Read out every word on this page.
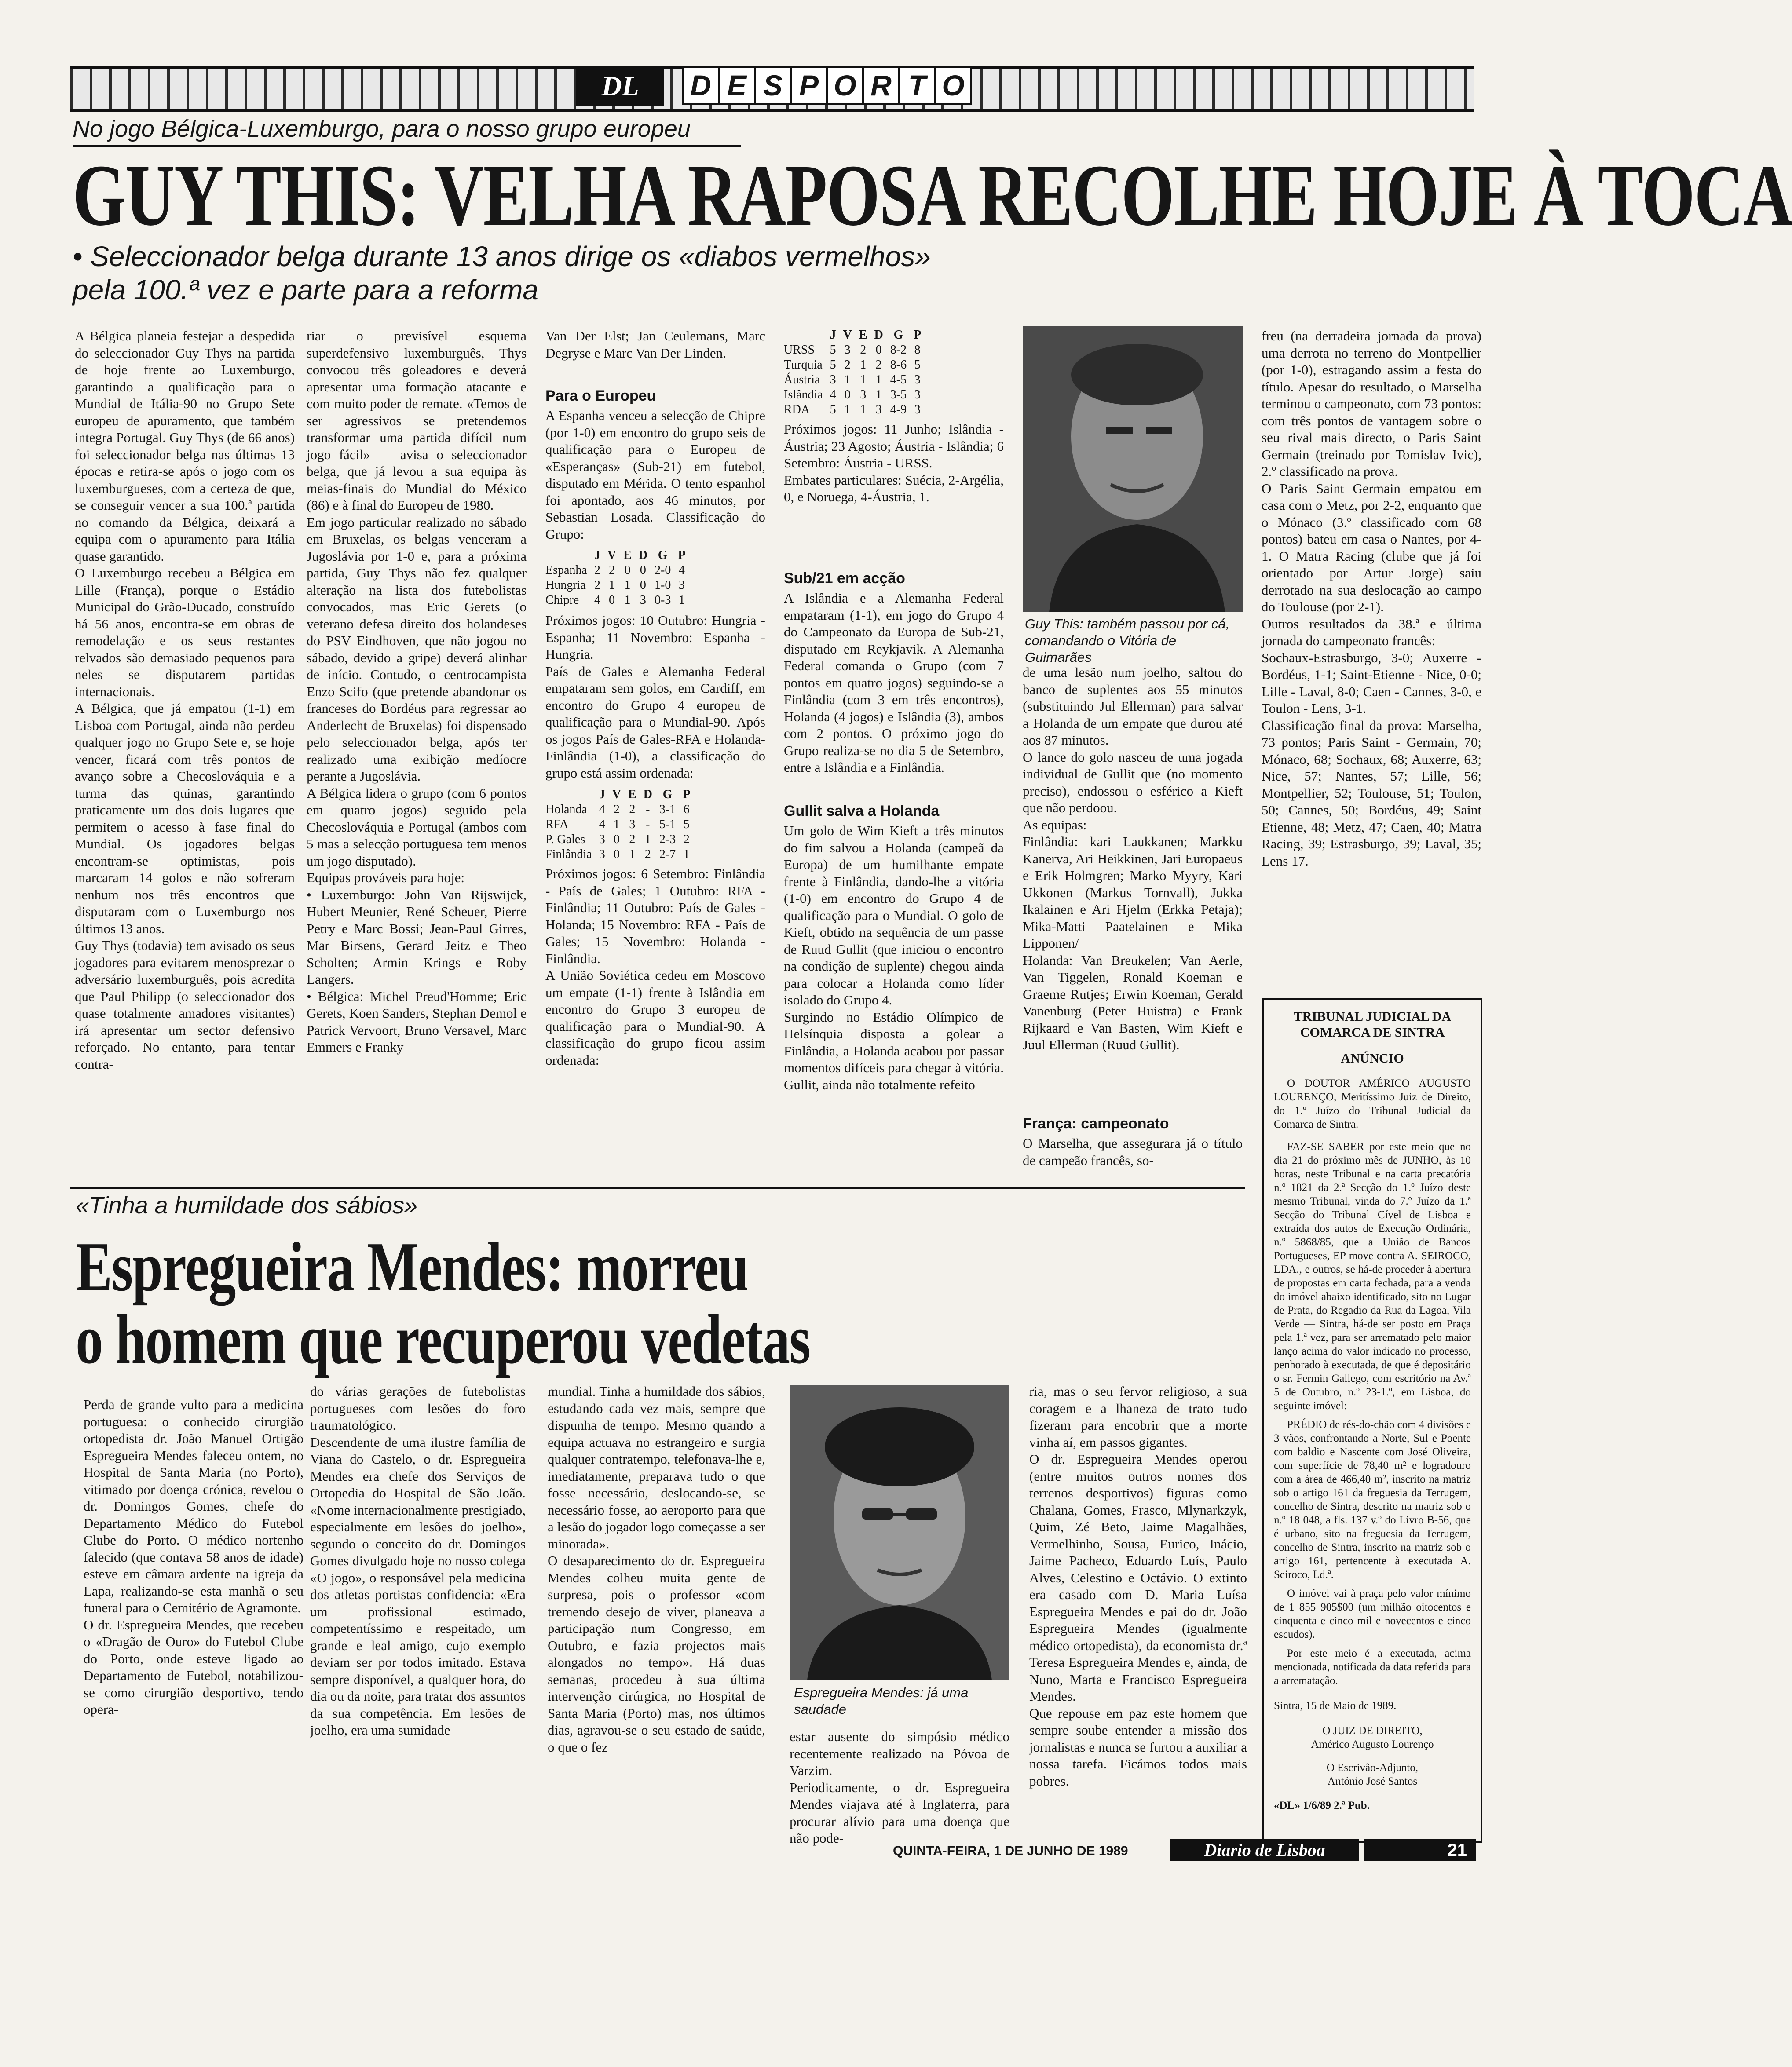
DL	D E S P O R T O
No jogo Bélgica-Luxemburgo, para o nosso grupo europeu
GUY THIS: VELHA RAPOSA RECOLHE HOJE À TOCA
• Seleccionador belga durante 13 anos dirige os «diabos vermelhos» pela 100.ª vez e parte para a reforma
A Bélgica planeia festejar a despedida do seleccionador Guy Thys na partida de hoje frente ao Luxemburgo, garantindo a qualificação para o Mundial de Itália-90 no Grupo Sete europeu de apuramento, que também integra Portugal. Guy Thys (de 66 anos) foi seleccionador belga nas últimas 13 épocas e retira-se após o jogo com os luxemburgueses, com a certeza de que, se conseguir vencer a sua 100.ª partida no comando da Bélgica, deixará a equipa com o apuramento para Itália quase garantido.
O Luxemburgo recebeu a Bélgica em Lille (França), porque o Estádio Municipal do Grão-Ducado, construído há 56 anos, encontra-se em obras de remodelação e os seus restantes relvados são demasiado pequenos para neles se disputarem partidas internacionais.
A Bélgica, que já empatou (1-1) em Lisboa com Portugal, ainda não perdeu qualquer jogo no Grupo Sete e, se hoje vencer, ficará com três pontos de avanço sobre a Checoslováquia e a turma das quinas, garantindo praticamente um dos dois lugares que permitem o acesso à fase final do Mundial. Os jogadores belgas encontram-se optimistas, pois marcaram 14 golos e não sofreram nenhum nos três encontros que disputaram com o Luxemburgo nos últimos 13 anos.
Guy Thys (todavia) tem avisado os seus jogadores para evitarem menosprezar o adversário luxemburguês, pois acredita que Paul Philipp (o seleccionador dos quase totalmente amadores visitantes) irá apresentar um sector defensivo reforçado. No entanto, para tentar contra-
riar o previsível esquema superdefensivo luxemburguês, Thys convocou três goleadores e deverá apresentar uma formação atacante e com muito poder de remate. «Temos de ser agressivos se pretendemos transformar uma partida difícil num jogo fácil» — avisa o seleccionador belga, que já levou a sua equipa às meias-finais do Mundial do México (86) e à final do Europeu de 1980.
Em jogo particular realizado no sábado em Bruxelas, os belgas venceram a Jugoslávia por 1-0 e, para a próxima partida, Guy Thys não fez qualquer alteração na lista dos futebolistas convocados, mas Eric Gerets (o veterano defesa direito dos holandeses do PSV Eindhoven, que não jogou no sábado, devido a gripe) deverá alinhar de início. Contudo, o centrocampista Enzo Scifo (que pretende abandonar os franceses do Bordéus para regressar ao Anderlecht de Bruxelas) foi dispensado pelo seleccionador belga, após ter realizado uma exibição medíocre perante a Jugoslávia.
A Bélgica lidera o grupo (com 6 pontos em quatro jogos) seguido pela Checoslováquia e Portugal (ambos com 5 mas a selecção portuguesa tem menos um jogo disputado).
Equipas prováveis para hoje:
• Luxemburgo: John Van Rijswijck, Hubert Meunier, René Scheuer, Pierre Petry e Marc Bossi; Jean-Paul Girres, Mar Birsens, Gerard Jeitz e Theo Scholten; Armin Krings e Roby Langers.
• Bélgica: Michel Preud'Homme; Eric Gerets, Koen Sanders, Stephan Demol e Patrick Vervoort, Bruno Versavel, Marc Emmers e Franky
Van Der Elst; Jan Ceulemans, Marc Degryse e Marc Van Der Linden.
Para o Europeu
A Espanha venceu a selecção de Chipre (por 1-0) em encontro do grupo seis de qualificação para o Europeu de «Esperanças» (Sub-21) em futebol, disputado em Mérida. O tento espanhol foi apontado, aos 46 minutos, por Sebastian Losada. Classificação do Grupo:
	J	V	E	D	G	P
Espanha	2	2	0	0	2-0	4
Hungria	2	1	1	0	1-0	3
Chipre	4	0	1	3	0-3	1
Próximos jogos: 10 Outubro: Hungria - Espanha; 11 Novembro: Espanha - Hungria.
País de Gales e Alemanha Federal empataram sem golos, em Cardiff, em encontro do Grupo 4 europeu de qualificação para o Mundial-90. Após os jogos País de Gales-RFA e Holanda-Finlândia (1-0), a classificação do grupo está assim ordenada:
	J	V	E	D	G	P
Holanda	4	2	2	-	3-1	6
RFA	4	1	3	-	5-1	5
P. Gales	3	0	2	1	2-3	2
Finlândia	3	0	1	2	2-7	1
Próximos jogos: 6 Setembro: Finlândia - País de Gales; 1 Outubro: RFA - Finlândia; 11 Outubro: País de Gales - Holanda; 15 Novembro: RFA - País de Gales; 15 Novembro: Holanda - Finlândia.
A União Soviética cedeu em Moscovo um empate (1-1) frente à Islândia em encontro do Grupo 3 europeu de qualificação para o Mundial-90. A classificação do grupo ficou assim ordenada:
	J	V	E	D	G	P
URSS	5	3	2	0	8-2	8
Turquia	5	2	1	2	8-6	5
Áustria	3	1	1	1	4-5	3
Islândia	4	0	3	1	3-5	3
RDA	5	1	1	3	4-9	3
Próximos jogos: 11 Junho; Islândia - Áustria; 23 Agosto; Áustria - Islândia; 6 Setembro: Áustria - URSS.
Embates particulares: Suécia, 2-Argélia, 0, e Noruega, 4-Áustria, 1.
Sub/21 em acção
A Islândia e a Alemanha Federal empataram (1-1), em jogo do Grupo 4 do Campeonato da Europa de Sub-21, disputado em Reykjavik. A Alemanha Federal comanda o Grupo (com 7 pontos em quatro jogos) seguindo-se a Finlândia (com 3 em três encontros), Holanda (4 jogos) e Islândia (3), ambos com 2 pontos. O próximo jogo do Grupo realiza-se no dia 5 de Setembro, entre a Islândia e a Finlândia.
Gullit salva a Holanda
Um golo de Wim Kieft a três minutos do fim salvou a Holanda (campeã da Europa) de um humilhante empate frente à Finlândia, dando-lhe a vitória (1-0) em encontro do Grupo 4 de qualificação para o Mundial. O golo de Kieft, obtido na sequência de um passe de Ruud Gullit (que iniciou o encontro na condição de suplente) chegou ainda para colocar a Holanda como líder isolado do Grupo 4.
Surgindo no Estádio Olímpico de Helsínquia disposta a golear a Finlândia, a Holanda acabou por passar momentos difíceis para chegar à vitória. Gullit, ainda não totalmente refeito
Guy This: também passou por cá, comandando o Vitória de Guimarães
de uma lesão num joelho, saltou do banco de suplentes aos 55 minutos (substituindo Jul Ellerman) para salvar a Holanda de um empate que durou até aos 87 minutos.
O lance do golo nasceu de uma jogada individual de Gullit que (no momento preciso), endossou o esférico a Kieft que não perdoou.
As equipas:
Finlândia: kari Laukkanen; Markku Kanerva, Ari Heikkinen, Jari Europaeus e Erik Holmgren; Marko Myyry, Kari Ukkonen (Markus Tornvall), Jukka Ikalainen e Ari Hjelm (Erkka Petaja); Mika-Matti Paatelainen e Mika Lipponen/
Holanda: Van Breukelen; Van Aerle, Van Tiggelen, Ronald Koeman e Graeme Rutjes; Erwin Koeman, Gerald Vanenburg (Peter Huistra) e Frank Rijkaard e Van Basten, Wim Kieft e Juul Ellerman (Ruud Gullit).
França: campeonato
O Marselha, que assegurara já o título de campeão francês, so-
freu (na derradeira jornada da prova) uma derrota no terreno do Montpellier (por 1-0), estragando assim a festa do título. Apesar do resultado, o Marselha terminou o campeonato, com 73 pontos: com três pontos de vantagem sobre o seu rival mais directo, o Paris Saint Germain (treinado por Tomislav Ivic), 2.º classificado na prova.
O Paris Saint Germain empatou em casa com o Metz, por 2-2, enquanto que o Mónaco (3.º classificado com 68 pontos) bateu em casa o Nantes, por 4-1. O Matra Racing (clube que já foi orientado por Artur Jorge) saiu derrotado na sua deslocação ao campo do Toulouse (por 2-1).
Outros resultados da 38.ª e última jornada do campeonato francês:
Sochaux-Estrasburgo, 3-0; Auxerre - Bordéus, 1-1; Saint-Etienne - Nice, 0-0; Lille - Laval, 8-0; Caen - Cannes, 3-0, e Toulon - Lens, 3-1.
Classificação final da prova: Marselha, 73 pontos; Paris Saint - Germain, 70; Mónaco, 68; Sochaux, 68; Auxerre, 63; Nice, 57; Nantes, 57; Lille, 56; Montpellier, 52; Toulouse, 51; Toulon, 50; Cannes, 50; Bordéus, 49; Saint Etienne, 48; Metz, 47; Caen, 40; Matra Racing, 39; Estrasburgo, 39; Laval, 35; Lens 17.
TRIBUNAL JUDICIAL DA COMARCA DE SINTRA
ANÚNCIO
O DOUTOR AMÉRICO AUGUSTO LOURENÇO, Meritíssimo Juiz de Direito, do 1.º Juízo do Tribunal Judicial da Comarca de Sintra.
FAZ-SE SABER por este meio que no dia 21 do próximo mês de JUNHO, às 10 horas, neste Tribunal e na carta precatória n.º 1821 da 2.ª Secção do 1.º Juízo deste mesmo Tribunal, vinda do 7.º Juízo da 1.ª Secção do Tribunal Cível de Lisboa e extraída dos autos de Execução Ordinária, n.º 5868/85, que a União de Bancos Portugueses, EP move contra A. SEIROCO, LDA., e outros, se há-de proceder à abertura de propostas em carta fechada, para a venda do imóvel abaixo identificado, sito no Lugar de Prata, do Regadio da Rua da Lagoa, Vila Verde — Sintra, há-de ser posto em Praça pela 1.ª vez, para ser arrematado pelo maior lanço acima do valor indicado no processo, penhorado à executada, de que é depositário o sr. Fermin Gallego, com escritório na Av.ª 5 de Outubro, n.º 23-1.º, em Lisboa, do seguinte imóvel:
PRÉDIO de rés-do-chão com 4 divisões e 3 vãos, confrontando a Norte, Sul e Poente com baldio e Nascente com José Oliveira, com superfície de 78,40 m² e logradouro com a área de 466,40 m², inscrito na matriz sob o artigo 161 da freguesia da Terrugem, concelho de Sintra, descrito na matriz sob o n.º 18 048, a fls. 137 v.º do Livro B-56, que é urbano, sito na freguesia da Terrugem, concelho de Sintra, inscrito na matriz sob o artigo 161, pertencente à executada A. Seiroco, Ld.ª.
O imóvel vai à praça pelo valor mínimo de 1 855 905$00 (um milhão oitocentos e cinquenta e cinco mil e novecentos e cinco escudos).
Por este meio é a executada, acima mencionada, notificada da data referida para a arrematação.
Sintra, 15 de Maio de 1989.
O JUIZ DE DIREITO,
Américo Augusto Lourenço
O Escrivão-Adjunto,
António José Santos
«DL» 1/6/89 2.ª Pub.
«Tinha a humildade dos sábios»
Espregueira Mendes: morreu
o homem que recuperou vedetas
Perda de grande vulto para a medicina portuguesa: o conhecido cirurgião ortopedista dr. João Manuel Ortigão Espregueira Mendes faleceu ontem, no Hospital de Santa Maria (no Porto), vitimado por doença crónica, revelou o dr. Domingos Gomes, chefe do Departamento Médico do Futebol Clube do Porto. O médico nortenho falecido (que contava 58 anos de idade) esteve em câmara ardente na igreja da Lapa, realizando-se esta manhã o seu funeral para o Cemitério de Agramonte.
O dr. Espregueira Mendes, que recebeu o «Dragão de Ouro» do Futebol Clube do Porto, onde esteve ligado ao Departamento de Futebol, notabilizou-se como cirurgião desportivo, tendo opera-
do várias gerações de futebolistas portugueses com lesões do foro traumatológico.
Descendente de uma ilustre família de Viana do Castelo, o dr. Espregueira Mendes era chefe dos Serviços de Ortopedia do Hospital de São João. «Nome internacionalmente prestigiado, especialmente em lesões do joelho», segundo o conceito do dr. Domingos Gomes divulgado hoje no nosso colega «O jogo», o responsável pela medicina dos atletas portistas confidencia: «Era um profissional estimado, competentíssimo e respeitado, um grande e leal amigo, cujo exemplo deviam ser por todos imitado. Estava sempre disponível, a qualquer hora, do dia ou da noite, para tratar dos assuntos da sua competência. Em lesões de joelho, era uma sumidade
mundial. Tinha a humildade dos sábios, estudando cada vez mais, sempre que dispunha de tempo. Mesmo quando a equipa actuava no estrangeiro e surgia qualquer contratempo, telefonava-lhe e, imediatamente, preparava tudo o que fosse necessário, deslocando-se, se necessário fosse, ao aeroporto para que a lesão do jogador logo começasse a ser minorada».
O desaparecimento do dr. Espregueira Mendes colheu muita gente de surpresa, pois o professor «com tremendo desejo de viver, planeava a participação num Congresso, em Outubro, e fazia projectos mais alongados no tempo». Há duas semanas, procedeu à sua última intervenção cirúrgica, no Hospital de Santa Maria (Porto) mas, nos últimos dias, agravou-se o seu estado de saúde, o que o fez
Espregueira Mendes: já uma saudade
estar ausente do simpósio médico recentemente realizado na Póvoa de Varzim.
Periodicamente, o dr. Espregueira Mendes viajava até à Inglaterra, para procurar alívio para uma doença que não pode-
ria, mas o seu fervor religioso, a sua coragem e a lhaneza de trato tudo fizeram para encobrir que a morte vinha aí, em passos gigantes.
O dr. Espregueira Mendes operou (entre muitos outros nomes dos terrenos desportivos) figuras como Chalana, Gomes, Frasco, Mlynarkzyk, Quim, Zé Beto, Jaime Magalhães, Vermelhinho, Sousa, Eurico, Inácio, Jaime Pacheco, Eduardo Luís, Paulo Alves, Celestino e Octávio. O extinto era casado com D. Maria Luísa Espregueira Mendes e pai do dr. João Espregueira Mendes (igualmente médico ortopedista), da economista dr.ª Teresa Espregueira Mendes e, ainda, de Nuno, Marta e Francisco Espregueira Mendes.
Que repouse em paz este homem que sempre soube entender a missão dos jornalistas e nunca se furtou a auxiliar a nossa tarefa. Ficámos todos mais pobres.
QUINTA-FEIRA, 1 DE JUNHO DE 1989	Diario de Lisboa	21
